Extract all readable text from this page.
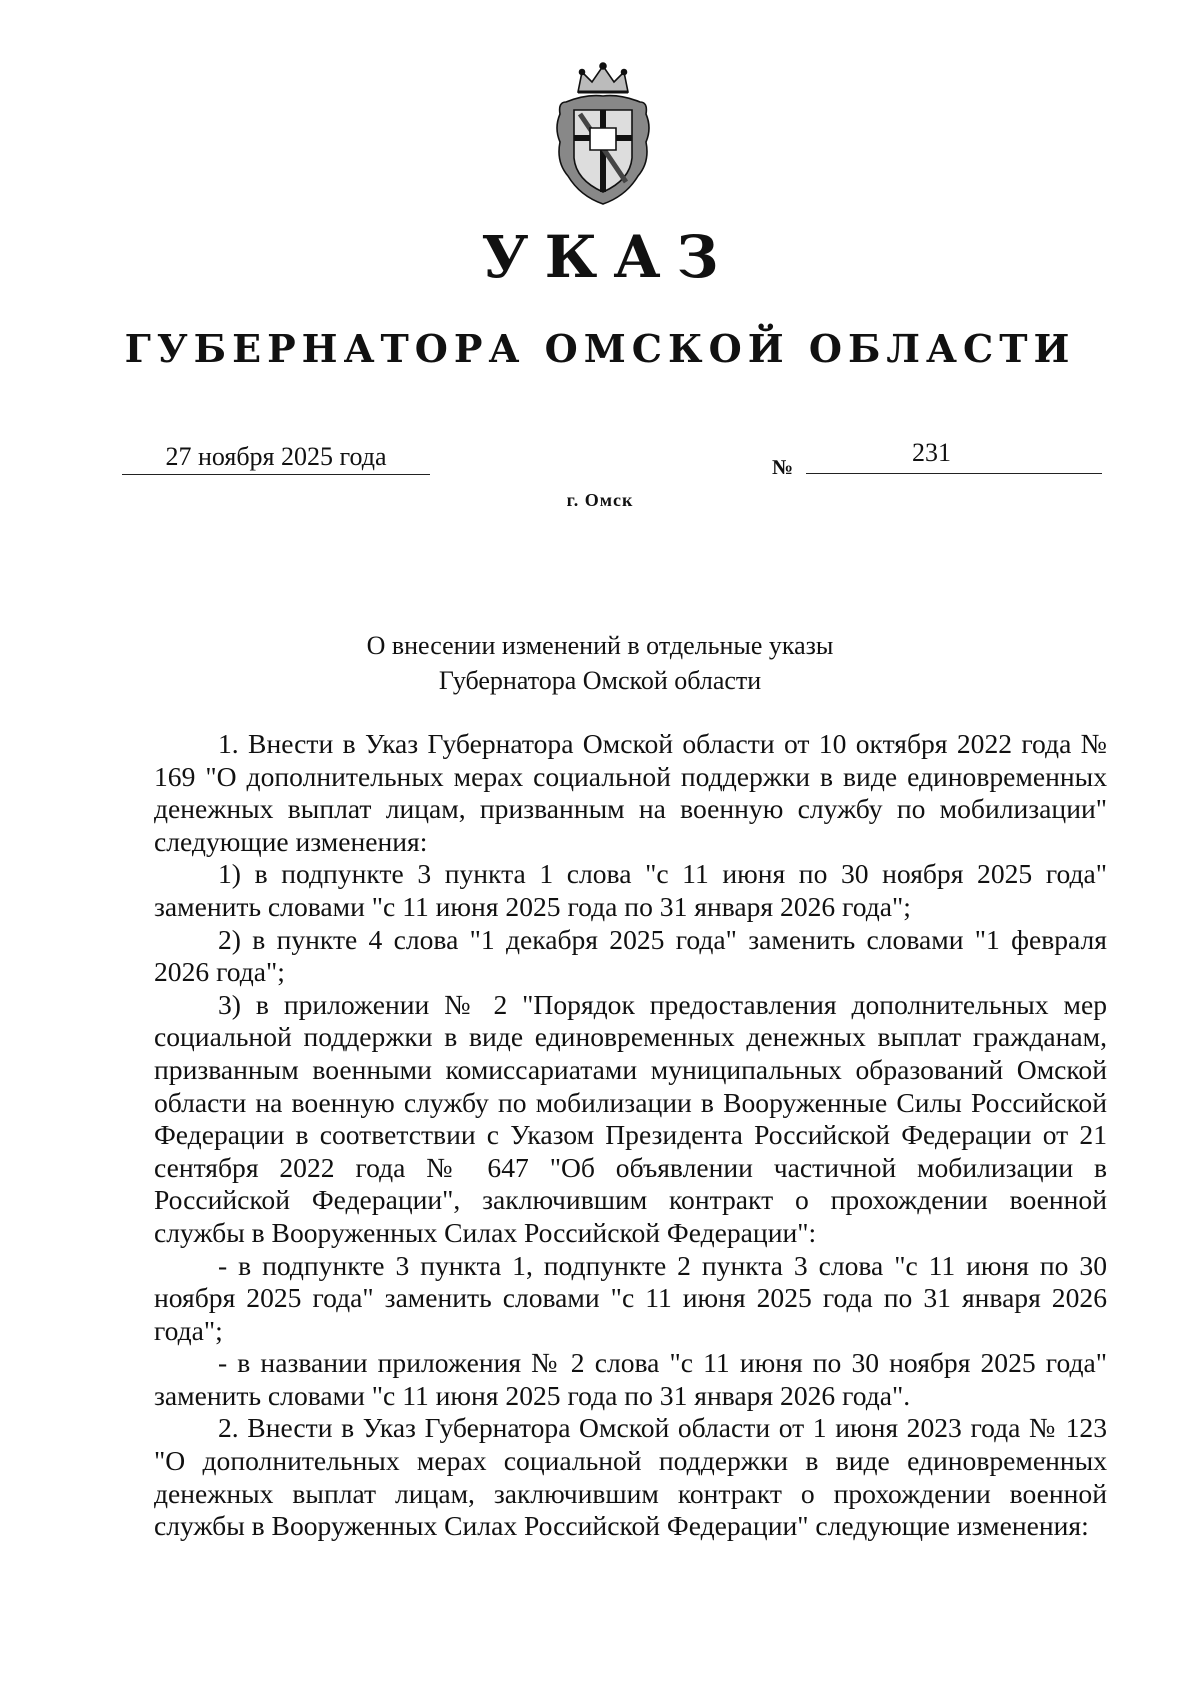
УКАЗ
ГУБЕРНАТОРА ОМСКОЙ ОБЛАСТИ
27 ноября 2025 года	№	231
г. Омск
О внесении изменений в отдельные указы
Губернатора Омской области

1. Внести в Указ Губернатора Омской области от 10 октября 2022 года № 169 "О дополнительных мерах социальной поддержки в виде единовременных денежных выплат лицам, призванным на военную службу по мобилизации" следующие изменения:

1) в подпункте 3 пункта 1 слова "с 11 июня по 30 ноября 2025 года" заменить словами "с 11 июня 2025 года по 31 января 2026 года";

2) в пункте 4 слова "1 декабря 2025 года" заменить словами "1 февраля 2026 года";

3) в приложении № 2 "Порядок предоставления дополнительных мер социальной поддержки в виде единовременных денежных выплат гражданам, призванным военными комиссариатами муниципальных образований Омской области на военную службу по мобилизации в Вооруженные Силы Российской Федерации в соответствии с Указом Президента Российской Федерации от 21 сентября 2022 года № 647 "Об объявлении частичной мобилизации в Российской Федерации", заключившим контракт о прохождении военной службы в Вооруженных Силах Российской Федерации":

- в подпункте 3 пункта 1, подпункте 2 пункта 3 слова "с 11 июня по 30 ноября 2025 года" заменить словами "с 11 июня 2025 года по 31 января 2026 года";

- в названии приложения № 2 слова "с 11 июня по 30 ноября 2025 года" заменить словами "с 11 июня 2025 года по 31 января 2026 года".

2. Внести в Указ Губернатора Омской области от 1 июня 2023 года № 123 "О дополнительных мерах социальной поддержки в виде единовременных денежных выплат лицам, заключившим контракт о прохождении военной службы в Вооруженных Силах Российской Федерации" следующие изменения:
